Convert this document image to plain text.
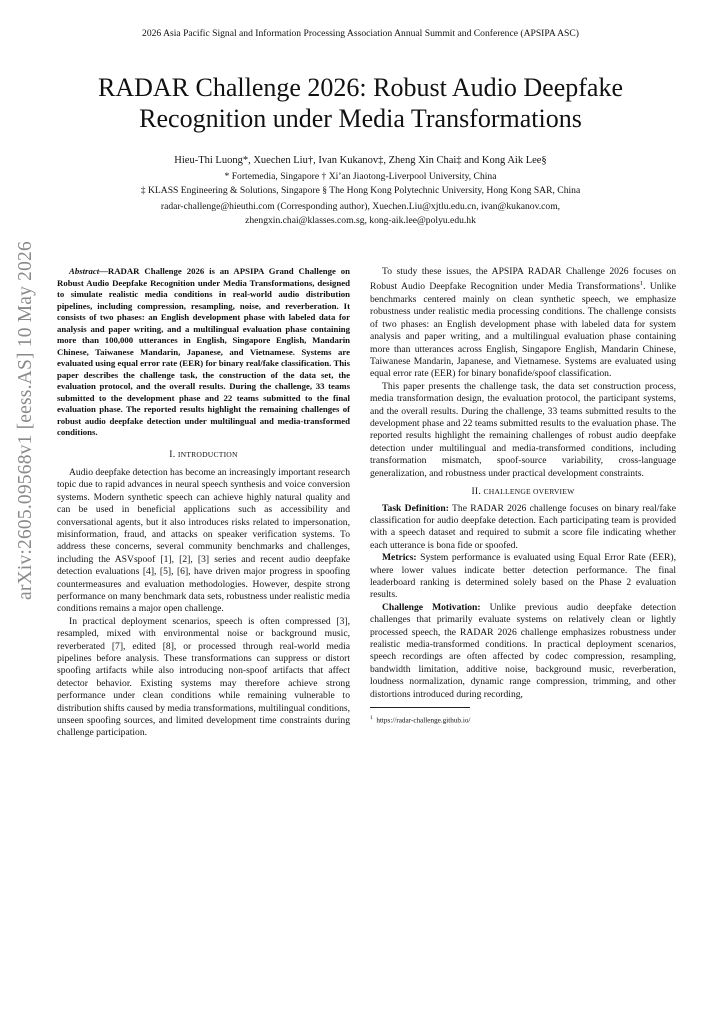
2026 Asia Pacific Signal and Information Processing Association Annual Summit and Conference (APSIPA ASC)
RADAR Challenge 2026: Robust Audio Deepfake
Recognition under Media Transformations
Hieu-Thi Luong*, Xuechen Liu†, Ivan Kukanov‡, Zheng Xin Chai‡ and Kong Aik Lee§
* Fortemedia, Singapore † Xi’an Jiaotong-Liverpool University, China
‡ KLASS Engineering & Solutions, Singapore § The Hong Kong Polytechnic University, Hong Kong SAR, China
radar-challenge@hieuthi.com (Corresponding author), Xuechen.Liu@xjtlu.edu.cn, ivan@kukanov.com,
zhengxin.chai@klasses.com.sg, kong-aik.lee@polyu.edu.hk
arXiv:2605.09568v1 [eess.AS] 10 May 2026	Abstract—RADAR Challenge 2026 is an APSIPA Grand Challenge on Robust Audio Deepfake Recognition under Media Transformations, designed to simulate realistic media conditions in real-world audio distribution pipelines, including compression, resampling, noise, and reverberation. It consists of two phases: an English development phase with labeled data for analysis and paper writing, and a multilingual evaluation phase containing more than 100,000 utterances in English, Singapore English, Mandarin Chinese, Taiwanese Mandarin, Japanese, and Vietnamese. Systems are evaluated using equal error rate (EER) for binary real/fake classification. This paper describes the challenge task, the construction of the data set, the evaluation protocol, and the overall results. During the challenge, 33 teams submitted to the development phase and 22 teams submitted to the final evaluation phase. The reported results highlight the remaining challenges of robust audio deepfake detection under multilingual and media-transformed conditions.

I. INTRODUCTION

Audio deepfake detection has become an increasingly important research topic due to rapid advances in neural speech synthesis and voice conversion systems. Modern synthetic speech can achieve highly natural quality and can be used in beneficial applications such as accessibility and conversational agents, but it also introduces risks related to impersonation, misinformation, fraud, and attacks on speaker verification systems. To address these concerns, several community benchmarks and challenges, including the ASVspoof [1], [2], [3] series and recent audio deepfake detection evaluations [4], [5], [6], have driven major progress in spoofing countermeasures and evaluation methodologies. However, despite strong performance on many benchmark data sets, robustness under realistic media conditions remains a major open challenge.

In practical deployment scenarios, speech is often compressed [3], resampled, mixed with environmental noise or background music, reverberated [7], edited [8], or processed through real-world media pipelines before analysis. These transformations can suppress or distort spoofing artifacts while also introducing non-spoof artifacts that affect detector behavior. Existing systems may therefore achieve strong performance under clean conditions while remaining vulnerable to distribution shifts caused by media transformations, multilingual conditions, unseen spoofing sources, and limited development time constraints during challenge participation.

To study these issues, the APSIPA RADAR Challenge 2026 focuses on Robust Audio Deepfake Recognition under Media Transformations$^1$. Unlike benchmarks centered mainly on clean synthetic speech, we emphasize robustness under realistic media processing conditions. The challenge consists of two phases: an English development phase with labeled data for system analysis and paper writing, and a multilingual evaluation phase containing more than utterances across English, Singapore English, Mandarin Chinese, Taiwanese Mandarin, Japanese, and Vietnamese. Systems are evaluated using equal error rate (EER) for binary bonafide/spoof classification.

This paper presents the challenge task, the data set construction process, media transformation design, the evaluation protocol, the participant systems, and the overall results. During the challenge, 33 teams submitted results to the development phase and 22 teams submitted results to the evaluation phase. The reported results highlight the remaining challenges of robust audio deepfake detection under multilingual and media-transformed conditions, including transformation mismatch, spoof-source variability, cross-language generalization, and robustness under practical development constraints.

II. CHALLENGE OVERVIEW

Task Definition: The RADAR 2026 challenge focuses on binary real/fake classification for audio deepfake detection. Each participating team is provided with a speech dataset and required to submit a score file indicating whether each utterance is bona fide or spoofed.

Metrics: System performance is evaluated using Equal Error Rate (EER), where lower values indicate better detection performance. The final leaderboard ranking is determined solely based on the Phase 2 evaluation results.

Challenge Motivation: Unlike previous audio deepfake detection challenges that primarily evaluate systems on relatively clean or lightly processed speech, the RADAR 2026 challenge emphasizes robustness under realistic media-transformed conditions. In practical deployment scenarios, speech recordings are often affected by codec compression, resampling, bandwidth limitation, additive noise, background music, reverberation, loudness normalization, dynamic range compression, trimming, and other distortions introduced during recording,

$^1$ https://radar-challenge.github.io/
